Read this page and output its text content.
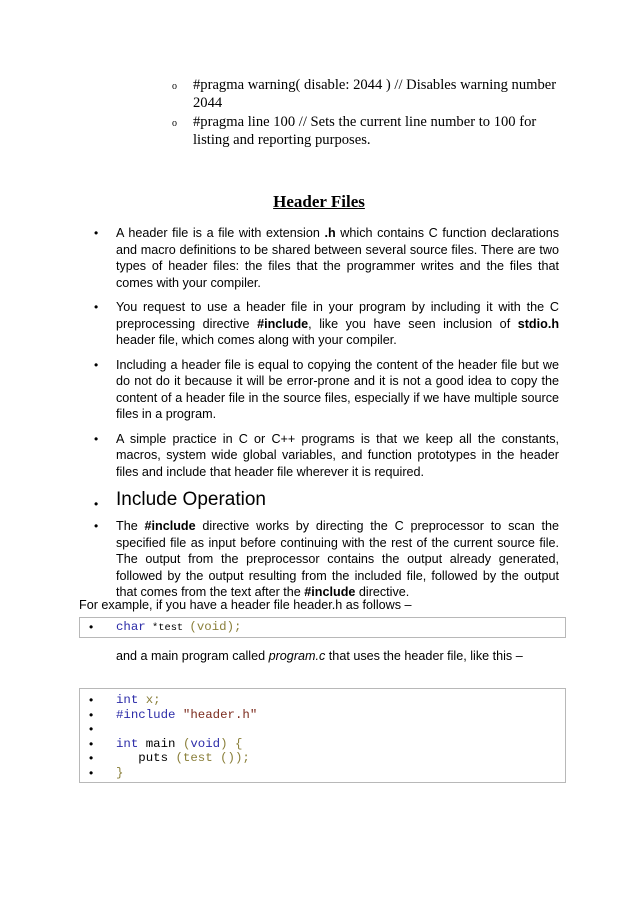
o #pragma warning( disable: 2044 ) // Disables warning number 2044
o #pragma line 100 // Sets the current line number to 100 for listing and reporting purposes.
Header Files
• A header file is a file with extension .h which contains C function declarations and macro definitions to be shared between several source files. There are two types of header files: the files that the programmer writes and the files that comes with your compiler.
• You request to use a header file in your program by including it with the C preprocessing directive #include, like you have seen inclusion of stdio.h header file, which comes along with your compiler.
• Including a header file is equal to copying the content of the header file but we do not do it because it will be error-prone and it is not a good idea to copy the content of a header file in the source files, especially if we have multiple source files in a program.
• A simple practice in C or C++ programs is that we keep all the constants, macros, system wide global variables, and function prototypes in the header files and include that header file wherever it is required.
• Include Operation
• The #include directive works by directing the C preprocessor to scan the specified file as input before continuing with the rest of the current source file. The output from the preprocessor contains the output already generated, followed by the output resulting from the included file, followed by the output that comes from the text after the #include directive.
For example, if you have a header file header.h as follows –
• char *test (void);
and a main program called program.c that uses the header file, like this –
• int x;
• #include "header.h"
•
• int main (void) {
• puts (test ());
• }
